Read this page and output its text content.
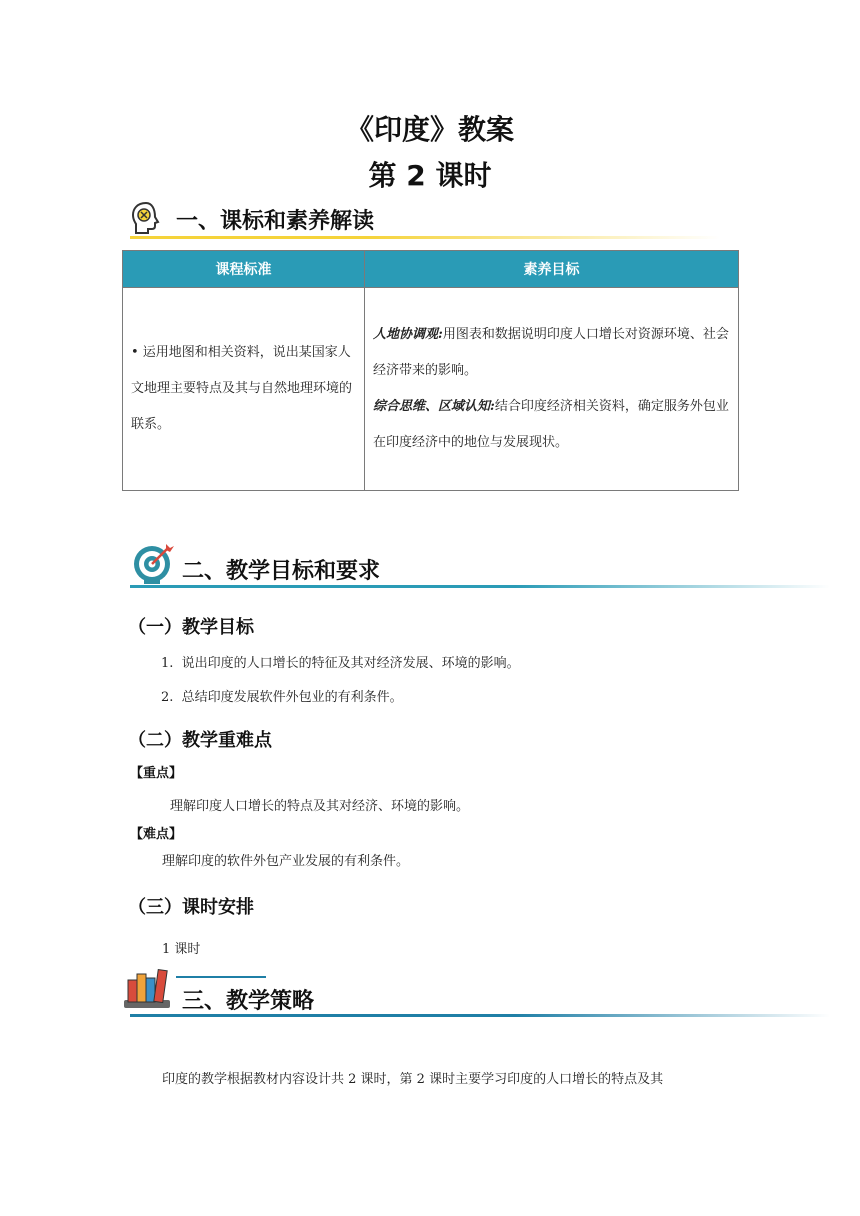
《印度》教案
第 2 课时
一、课标和素养解读
课程标准	素养目标
• 运用地图和相关资料，说出某国家人文地理主要特点及其与自然地理环境的联系。	人地协调观:用图表和数据说明印度人口增长对资源环境、社会经济带来的影响。
综合思维、区域认知:结合印度经济相关资料，确定服务外包业在印度经济中的地位与发展现状。
二、教学目标和要求
（一）教学目标
1. 说出印度的人口增长的特征及其对经济发展、环境的影响。
2. 总结印度发展软件外包业的有利条件。
（二）教学重难点
【重点】
理解印度人口增长的特点及其对经济、环境的影响。
【难点】
理解印度的软件外包产业发展的有利条件。
（三）课时安排
1 课时
三、教学策略
印度的教学根据教材内容设计共 2 课时，第 2 课时主要学习印度的人口增长的特点及其
